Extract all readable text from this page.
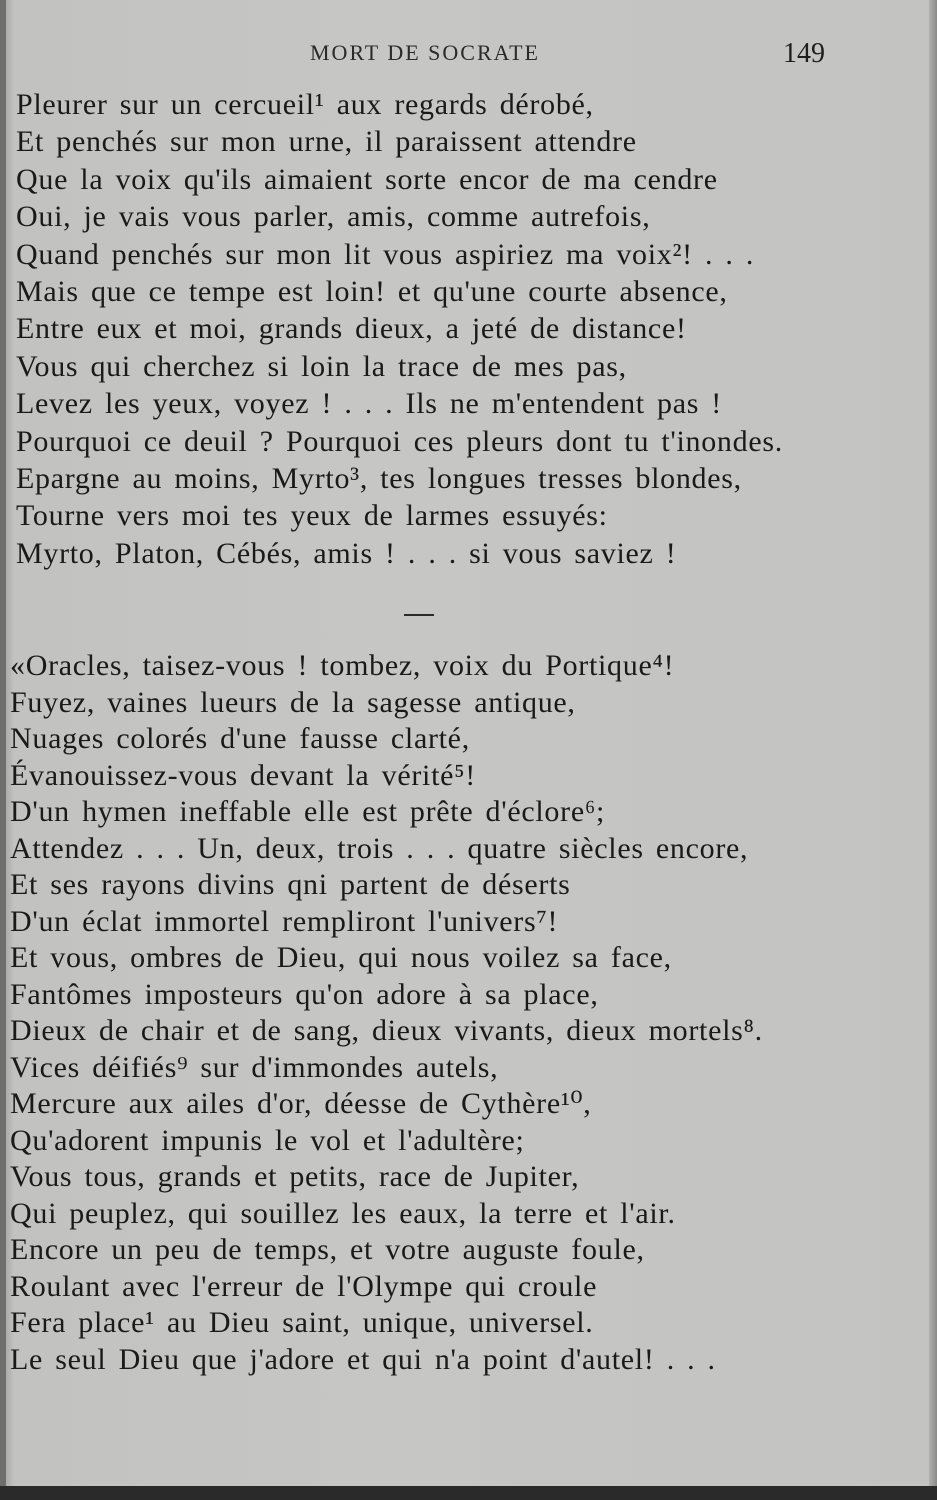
MORT DE SOCRATE	149
Pleurer sur un cercueil¹ aux regards dérobé,
Et penchés sur mon urne, il paraissent attendre
Que la voix qu'ils aimaient sorte encor de ma cendre
Oui, je vais vous parler, amis, comme autrefois,
Quand penchés sur mon lit vous aspiriez ma voix²! . . .
Mais que ce tempe est loin! et qu'une courte absence,
Entre eux et moi, grands dieux, a jeté de distance!
Vous qui cherchez si loin la trace de mes pas,
Levez les yeux, voyez ! . . . Ils ne m'entendent pas !
Pourquoi ce deuil ? Pourquoi ces pleurs dont tu t'inondes.
Epargne au moins, Myrto³, tes longues tresses blondes,
Tourne vers moi tes yeux de larmes essuyés:
Myrto, Platon, Cébés, amis ! . . . si vous saviez !
«Oracles, taisez-vous ! tombez, voix du Portique⁴!
Fuyez, vaines lueurs de la sagesse antique,
Nuages colorés d'une fausse clarté,
Évanouissez-vous devant la vérité⁵!
D'un hymen ineffable elle est prête d'éclore⁶;
Attendez . . . Un, deux, trois . . . quatre siècles encore,
Et ses rayons divins qni partent de déserts
D'un éclat immortel rempliront l'univers⁷!
Et vous, ombres de Dieu, qui nous voilez sa face,
Fantômes imposteurs qu'on adore à sa place,
Dieux de chair et de sang, dieux vivants, dieux mortels⁸.
Vices déifiés⁹ sur d'immondes autels,
Mercure aux ailes d'or, déesse de Cythère¹⁰,
Qu'adorent impunis le vol et l'adultère;
Vous tous, grands et petits, race de Jupiter,
Qui peuplez, qui souillez les eaux, la terre et l'air.
Encore un peu de temps, et votre auguste foule,
Roulant avec l'erreur de l'Olympe qui croule
Fera place¹ au Dieu saint, unique, universel.
Le seul Dieu que j'adore et qui n'a point d'autel! . . .
